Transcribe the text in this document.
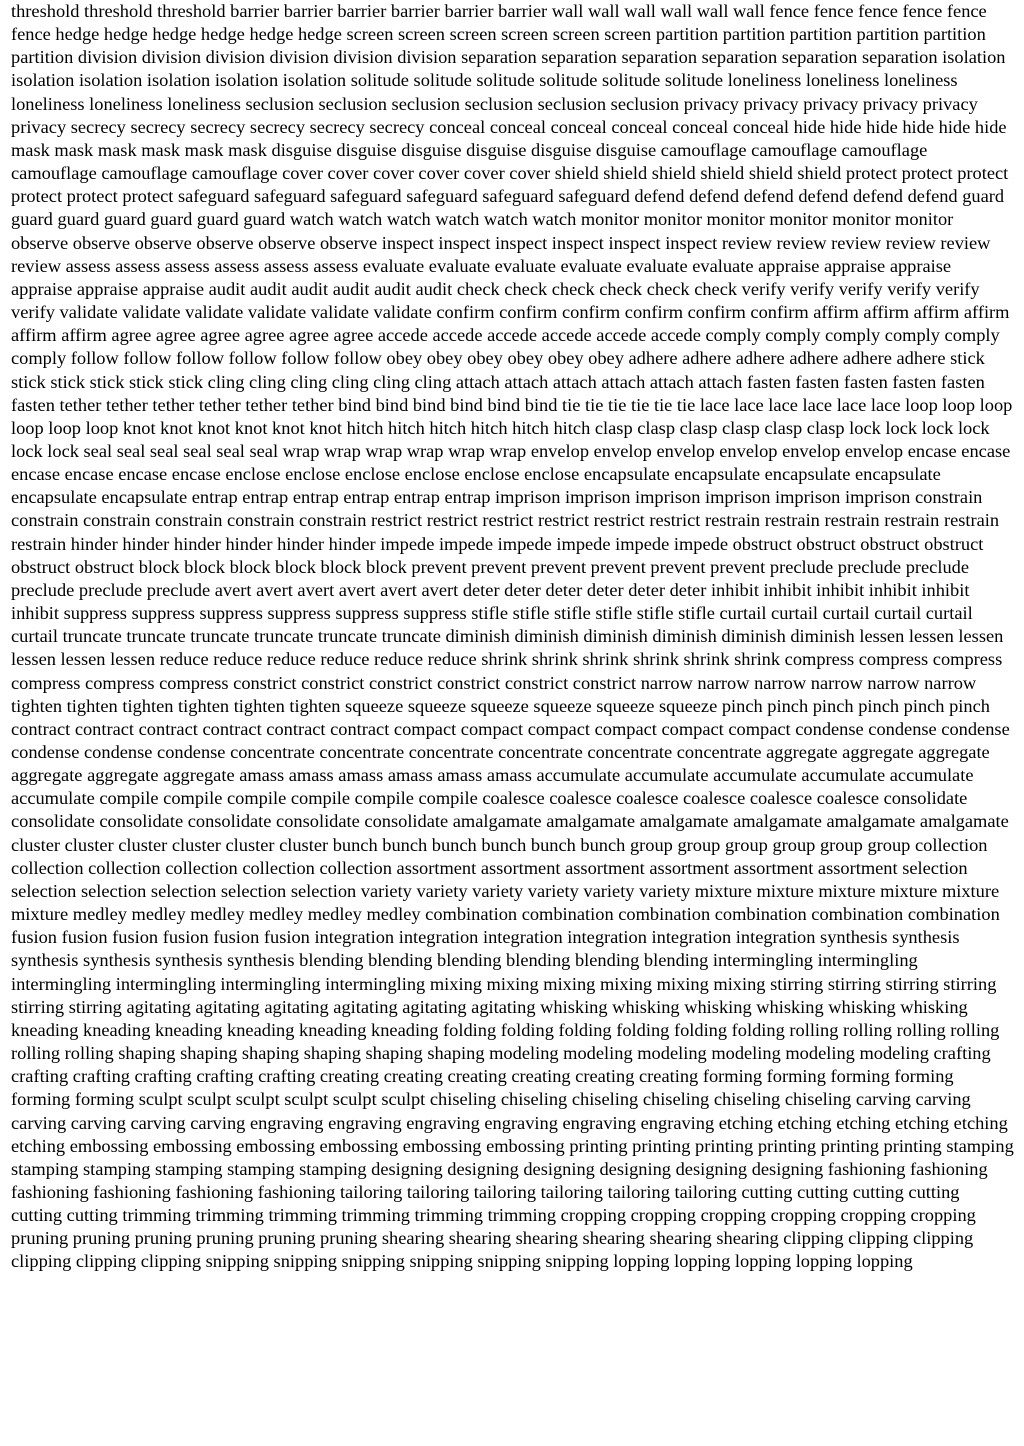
threshold threshold threshold barrier barrier barrier barrier barrier barrier wall wall wall wall wall wall fence fence fence fence fence fence hedge hedge hedge hedge hedge hedge screen screen screen screen screen screen partition partition partition partition partition partition division division division division division division separation separation separation separation separation separation isolation isolation isolation isolation isolation isolation solitude solitude solitude solitude solitude solitude loneliness loneliness loneliness loneliness loneliness loneliness seclusion seclusion seclusion seclusion seclusion seclusion privacy privacy privacy privacy privacy privacy secrecy secrecy secrecy secrecy secrecy secrecy conceal conceal conceal conceal conceal conceal hide hide hide hide hide hide mask mask mask mask mask mask disguise disguise disguise disguise disguise disguise camouflage camouflage camouflage camouflage camouflage camouflage cover cover cover cover cover cover shield shield shield shield shield shield protect protect protect protect protect protect safeguard safeguard safeguard safeguard safeguard safeguard defend defend defend defend defend defend guard guard guard guard guard guard guard watch watch watch watch watch watch monitor monitor monitor monitor monitor monitor observe observe observe observe observe observe inspect inspect inspect inspect inspect inspect review review review review review review assess assess assess assess assess assess evaluate evaluate evaluate evaluate evaluate evaluate appraise appraise appraise appraise appraise appraise audit audit audit audit audit audit check check check check check check verify verify verify verify verify verify validate validate validate validate validate validate confirm confirm confirm confirm confirm confirm affirm affirm affirm affirm affirm affirm agree agree agree agree agree agree accede accede accede accede accede accede comply comply comply comply comply comply follow follow follow follow follow follow obey obey obey obey obey obey adhere adhere adhere adhere adhere adhere stick stick stick stick stick stick cling cling cling cling cling cling attach attach attach attach attach attach fasten fasten fasten fasten fasten fasten tether tether tether tether tether tether bind bind bind bind bind bind tie tie tie tie tie tie lace lace lace lace lace lace loop loop loop loop loop loop knot knot knot knot knot knot hitch hitch hitch hitch hitch hitch clasp clasp clasp clasp clasp clasp lock lock lock lock lock lock seal seal seal seal seal seal wrap wrap wrap wrap wrap wrap envelop envelop envelop envelop envelop envelop encase encase encase encase encase encase enclose enclose enclose enclose enclose enclose encapsulate encapsulate encapsulate encapsulate encapsulate encapsulate entrap entrap entrap entrap entrap entrap imprison imprison imprison imprison imprison imprison constrain constrain constrain constrain constrain constrain restrict restrict restrict restrict restrict restrict restrain restrain restrain restrain restrain restrain hinder hinder hinder hinder hinder hinder impede impede impede impede impede impede obstruct obstruct obstruct obstruct obstruct obstruct block block block block block block prevent prevent prevent prevent prevent prevent preclude preclude preclude preclude preclude preclude avert avert avert avert avert avert deter deter deter deter deter deter inhibit inhibit inhibit inhibit inhibit inhibit suppress suppress suppress suppress suppress suppress stifle stifle stifle stifle stifle stifle curtail curtail curtail curtail curtail curtail truncate truncate truncate truncate truncate truncate diminish diminish diminish diminish diminish diminish lessen lessen lessen lessen lessen lessen reduce reduce reduce reduce reduce reduce shrink shrink shrink shrink shrink shrink compress compress compress compress compress compress constrict constrict constrict constrict constrict constrict narrow narrow narrow narrow narrow narrow tighten tighten tighten tighten tighten tighten squeeze squeeze squeeze squeeze squeeze squeeze pinch pinch pinch pinch pinch pinch contract contract contract contract contract contract compact compact compact compact compact compact condense condense condense condense condense condense concentrate concentrate concentrate concentrate concentrate concentrate aggregate aggregate aggregate aggregate aggregate aggregate amass amass amass amass amass amass accumulate accumulate accumulate accumulate accumulate accumulate compile compile compile compile compile compile coalesce coalesce coalesce coalesce coalesce coalesce consolidate consolidate consolidate consolidate consolidate consolidate amalgamate amalgamate amalgamate amalgamate amalgamate amalgamate cluster cluster cluster cluster cluster cluster bunch bunch bunch bunch bunch bunch group group group group group group collection collection collection collection collection collection assortment assortment assortment assortment assortment assortment selection selection selection selection selection selection variety variety variety variety variety variety mixture mixture mixture mixture mixture mixture medley medley medley medley medley medley combination combination combination combination combination combination fusion fusion fusion fusion fusion fusion integration integration integration integration integration integration synthesis synthesis synthesis synthesis synthesis synthesis blending blending blending blending blending blending intermingling intermingling intermingling intermingling intermingling intermingling mixing mixing mixing mixing mixing mixing stirring stirring stirring stirring stirring stirring agitating agitating agitating agitating agitating agitating whisking whisking whisking whisking whisking whisking kneading kneading kneading kneading kneading kneading folding folding folding folding folding folding rolling rolling rolling rolling rolling rolling shaping shaping shaping shaping shaping shaping modeling modeling modeling modeling modeling modeling crafting crafting crafting crafting crafting crafting creating creating creating creating creating creating forming forming forming forming forming forming sculpt sculpt sculpt sculpt sculpt sculpt chiseling chiseling chiseling chiseling chiseling chiseling carving carving carving carving carving carving engraving engraving engraving engraving engraving engraving etching etching etching etching etching etching embossing embossing embossing embossing embossing embossing printing printing printing printing printing printing stamping stamping stamping stamping stamping stamping designing designing designing designing designing designing fashioning fashioning fashioning fashioning fashioning fashioning tailoring tailoring tailoring tailoring tailoring tailoring cutting cutting cutting cutting cutting cutting trimming trimming trimming trimming trimming trimming cropping cropping cropping cropping cropping cropping pruning pruning pruning pruning pruning pruning shearing shearing shearing shearing shearing shearing clipping clipping clipping clipping clipping clipping snipping snipping snipping snipping snipping snipping lopping lopping lopping lopping lopping
